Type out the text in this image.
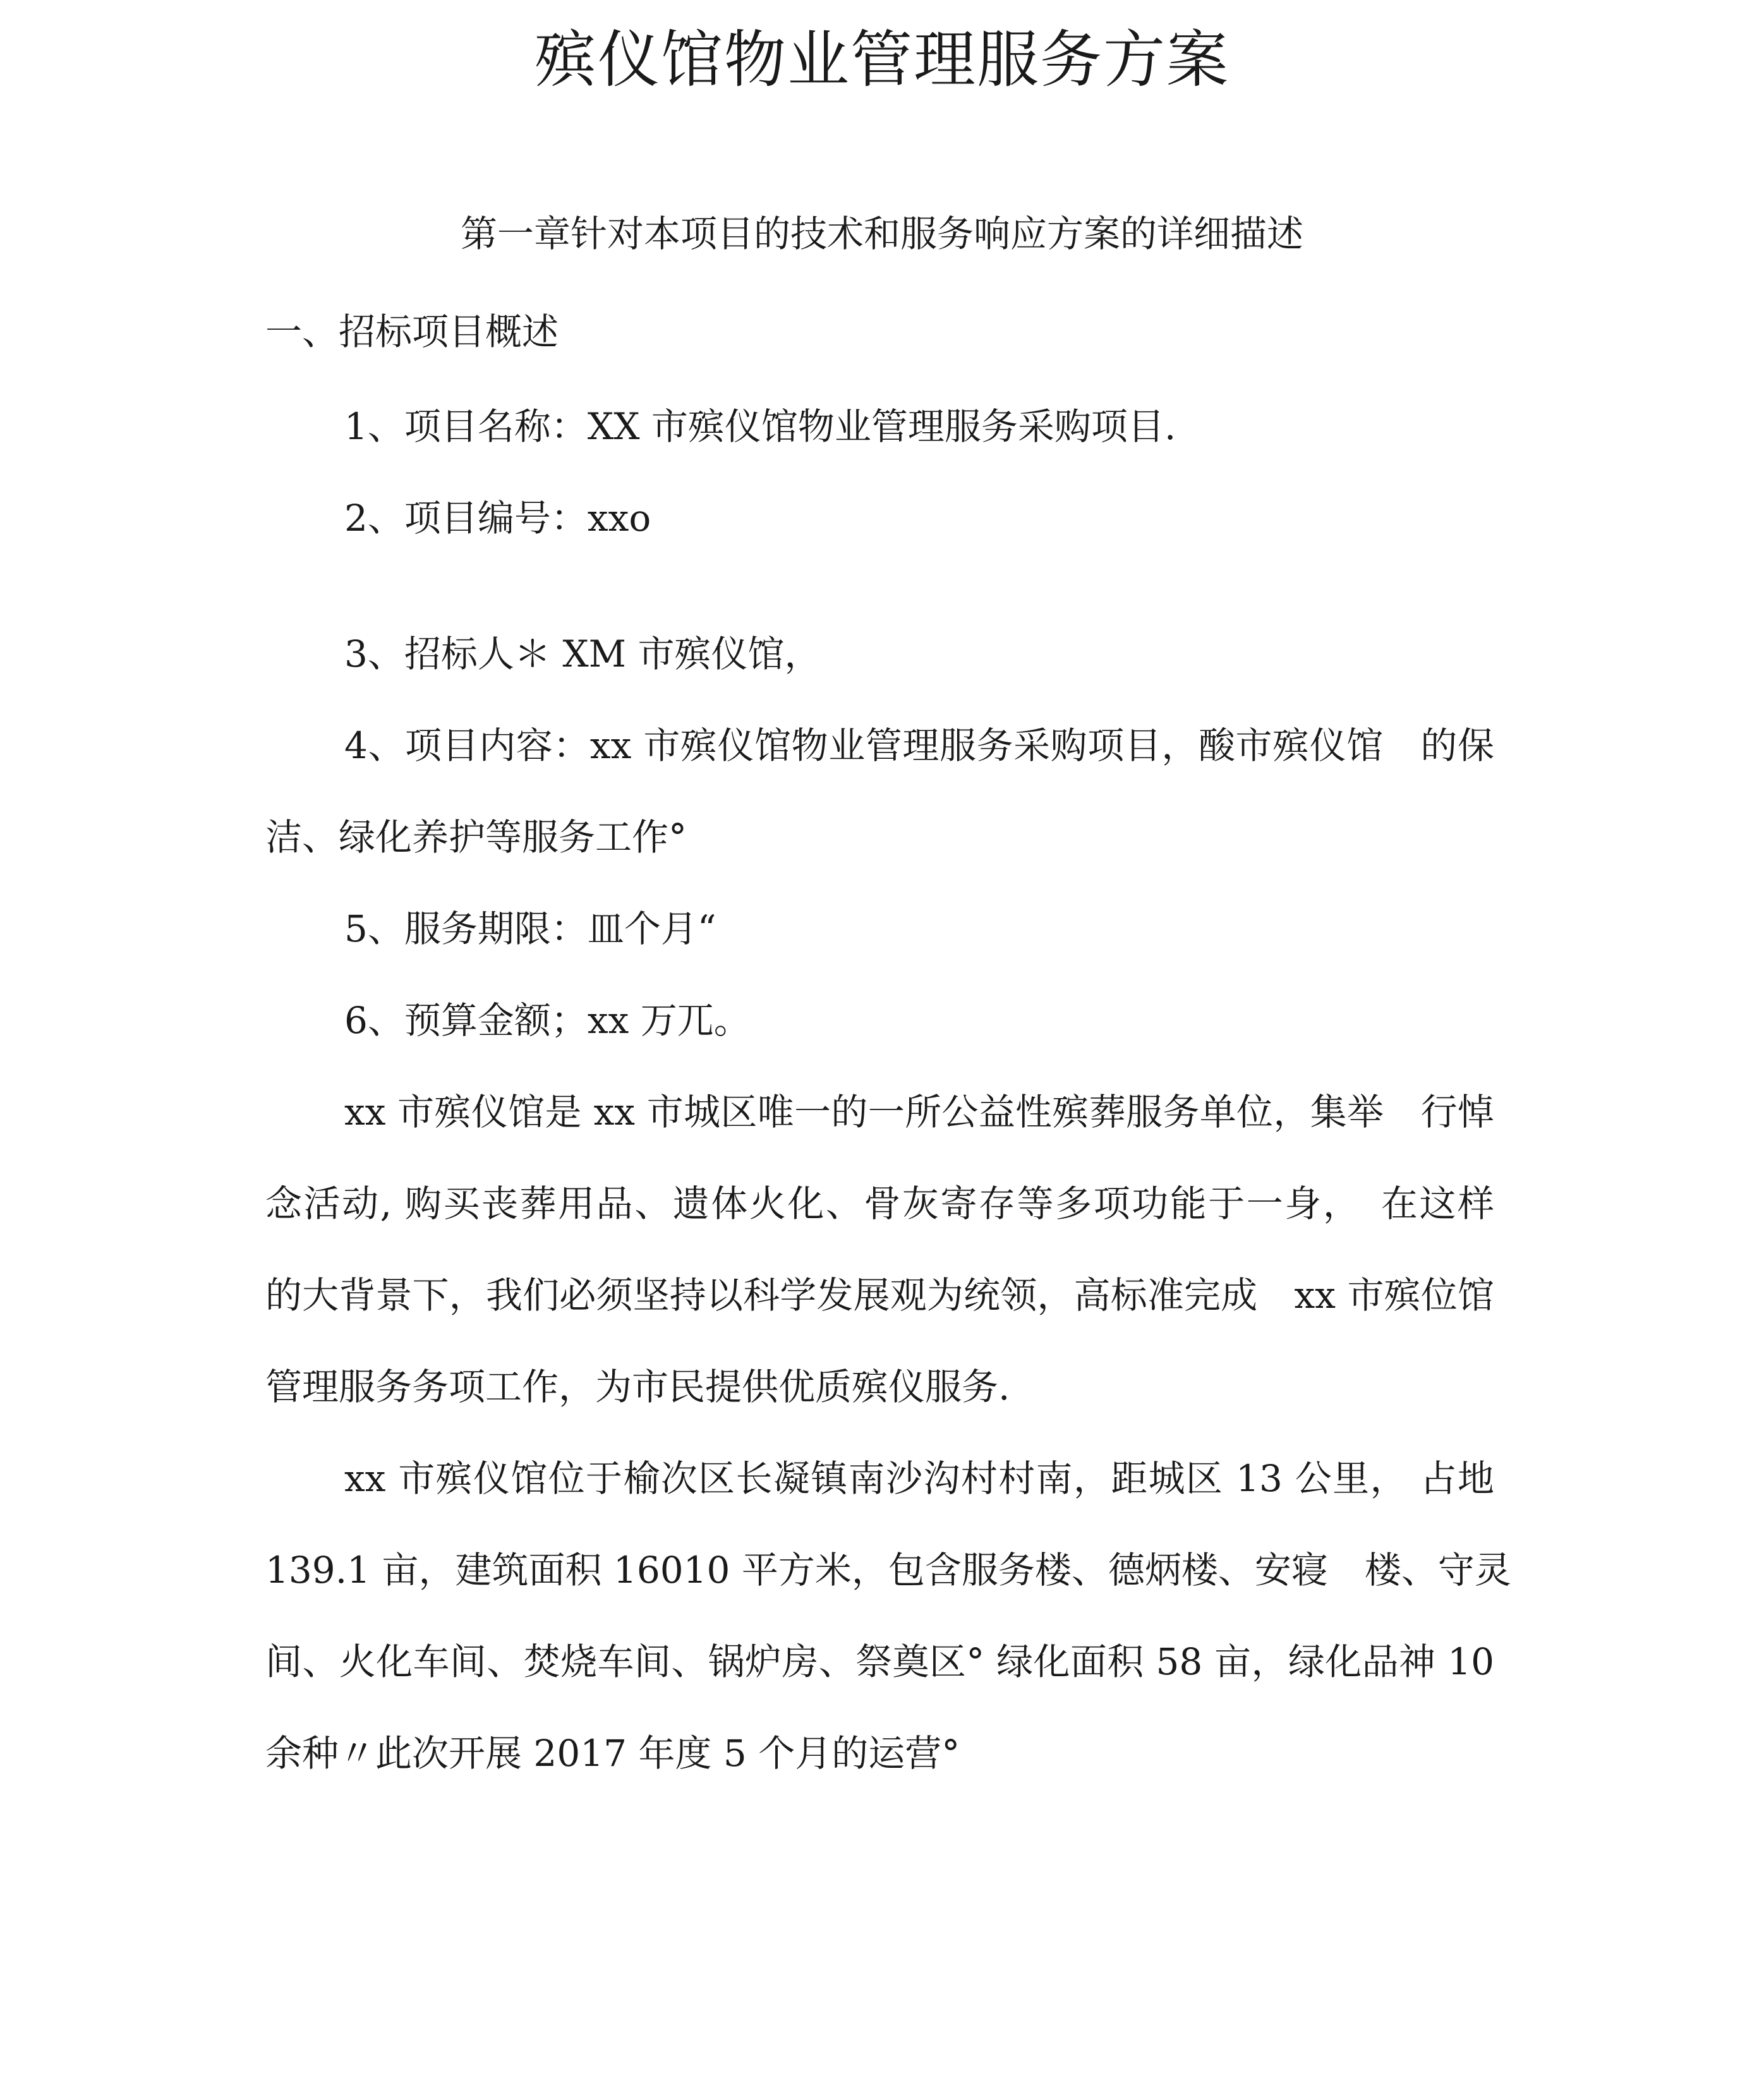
殡仪馆物业管理服务方案
第一章针对本项目的技术和服务响应方案的详细描述
一、招标项目概述
1、项目名称：XX 市殡仪馆物业管理服务采购项目.
2、项目编号：xxo
3、招标人＊ XM 市殡仪馆，
4、项目内容：xx 市殡仪馆物业管理服务采购项目，酸市殡仪馆　的保
洁、绿化养护等服务工作°
5、服务期限：皿个月“
6、预算金额；xx 万兀。
xx 市殡仪馆是 xx 市城区唯一的一所公益性殡葬服务单位，集举　行悼
念活动, 购买丧葬用品、遗体火化、骨灰寄存等多项功能于一身，　在这样
的大背景下，我们必须坚持以科学发展观为统领，高标准完成　xx 市殡位馆
管理服务务项工作，为市民提供优质殡仪服务.
xx 市殡仪馆位于榆次区长凝镇南沙沟村村南，距城区 13 公里， 占地
139.1 亩，建筑面积 16010 平方米，包含服务楼、德炳楼、安寝　楼、守灵
间、火化车间、焚烧车间、锅炉房、祭奠区° 绿化面积 58 亩，绿化品神 10
余种〃此次开展 2017 年度 5 个月的运营°
